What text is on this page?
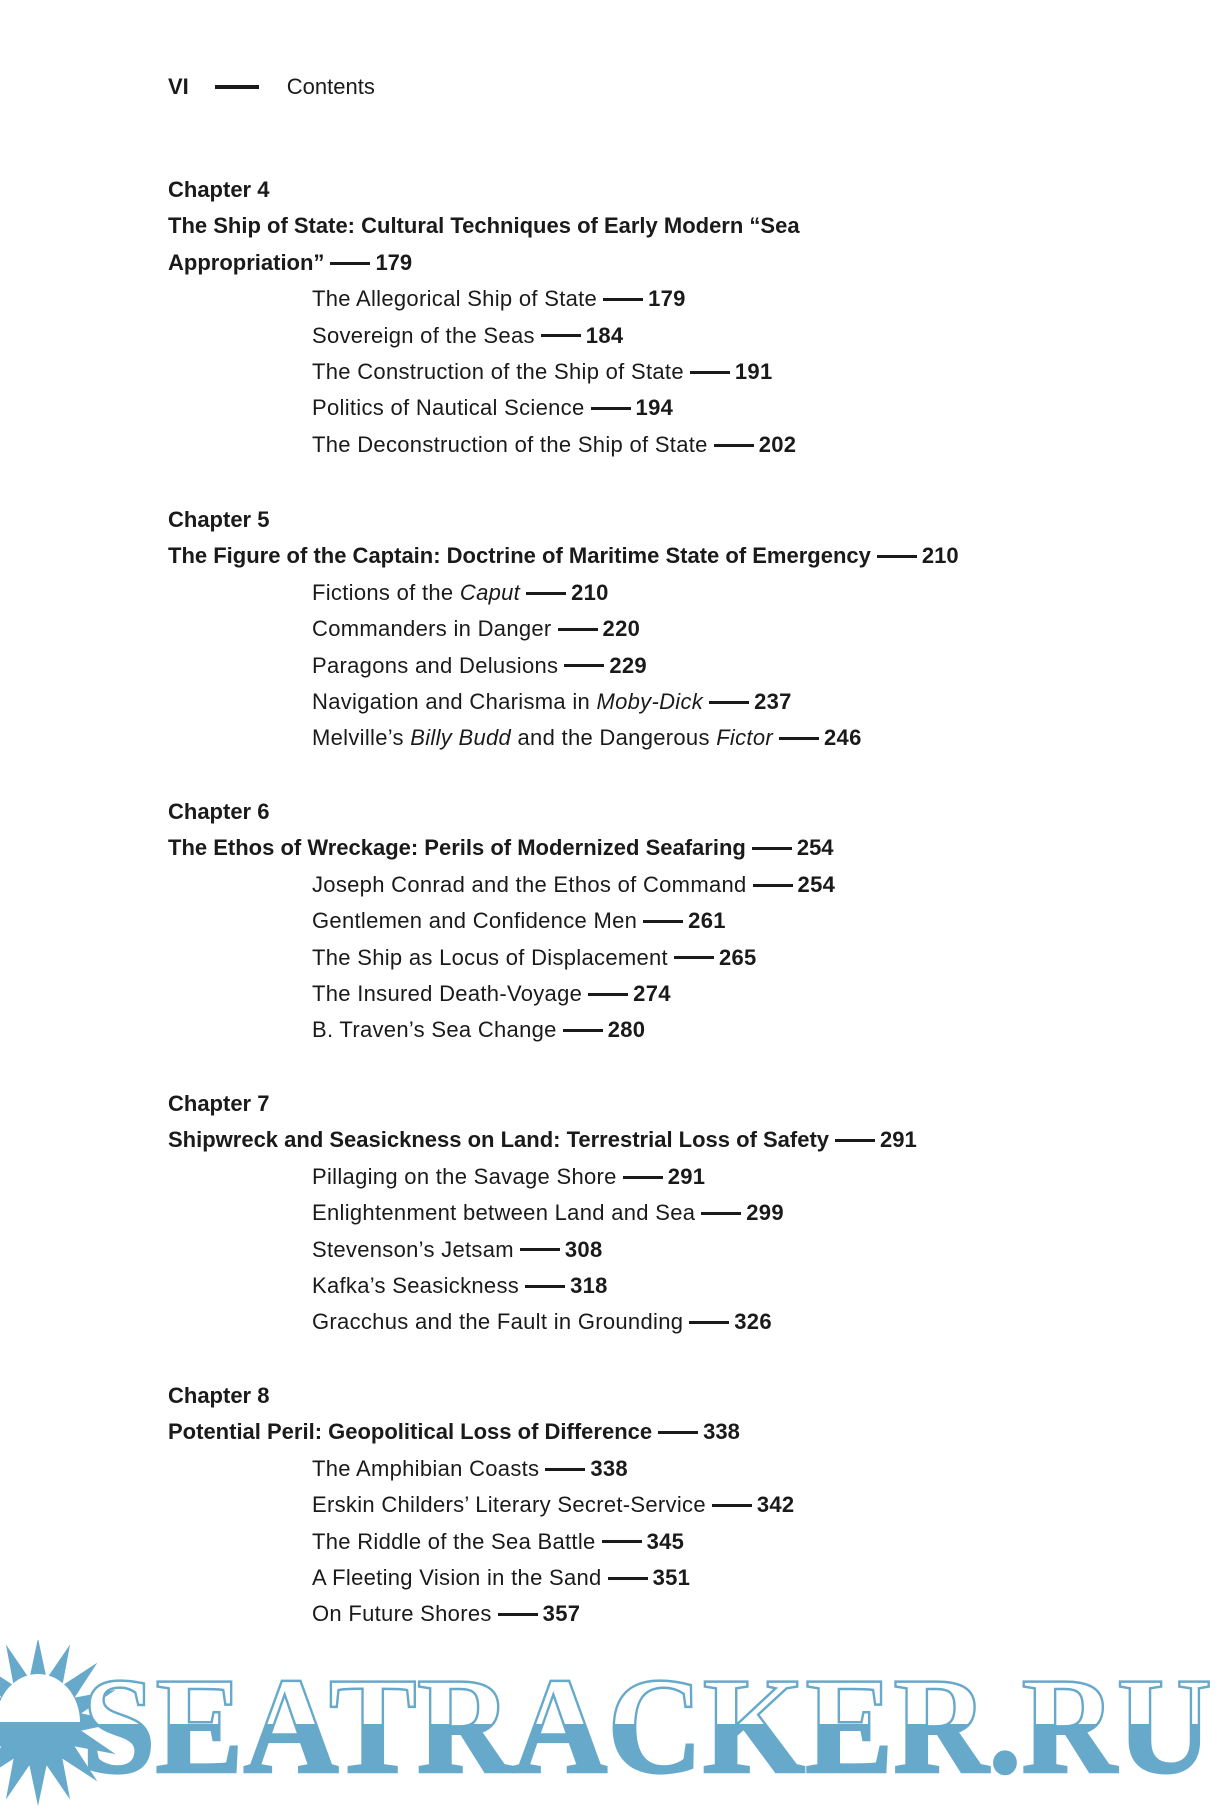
VI	Contents
Chapter 4
The Ship of State: Cultural Techniques of Early Modern “Sea
Appropriation” 179
The Allegorical Ship of State 179
Sovereign of the Seas 184
The Construction of the Ship of State 191
Politics of Nautical Science 194
The Deconstruction of the Ship of State 202
Chapter 5
The Figure of the Captain: Doctrine of Maritime State of Emergency 210
Fictions of the Caput 210
Commanders in Danger 220
Paragons and Delusions 229
Navigation and Charisma in Moby-Dick 237
Melville’s Billy Budd and the Dangerous Fictor 246
Chapter 6
The Ethos of Wreckage: Perils of Modernized Seafaring 254
Joseph Conrad and the Ethos of Command 254
Gentlemen and Confidence Men 261
The Ship as Locus of Displacement 265
The Insured Death-Voyage 274
B. Traven’s Sea Change 280
Chapter 7
Shipwreck and Seasickness on Land: Terrestrial Loss of Safety 291
Pillaging on the Savage Shore 291
Enlightenment between Land and Sea 299
Stevenson’s Jetsam 308
Kafka’s Seasickness 318
Gracchus and the Fault in Grounding 326
Chapter 8
Potential Peril: Geopolitical Loss of Difference 338
The Amphibian Coasts 338
Erskin Childers’ Literary Secret-Service 342
The Riddle of the Sea Battle 345
A Fleeting Vision in the Sand 351
On Future Shores 357
SEATRACKER.RU
